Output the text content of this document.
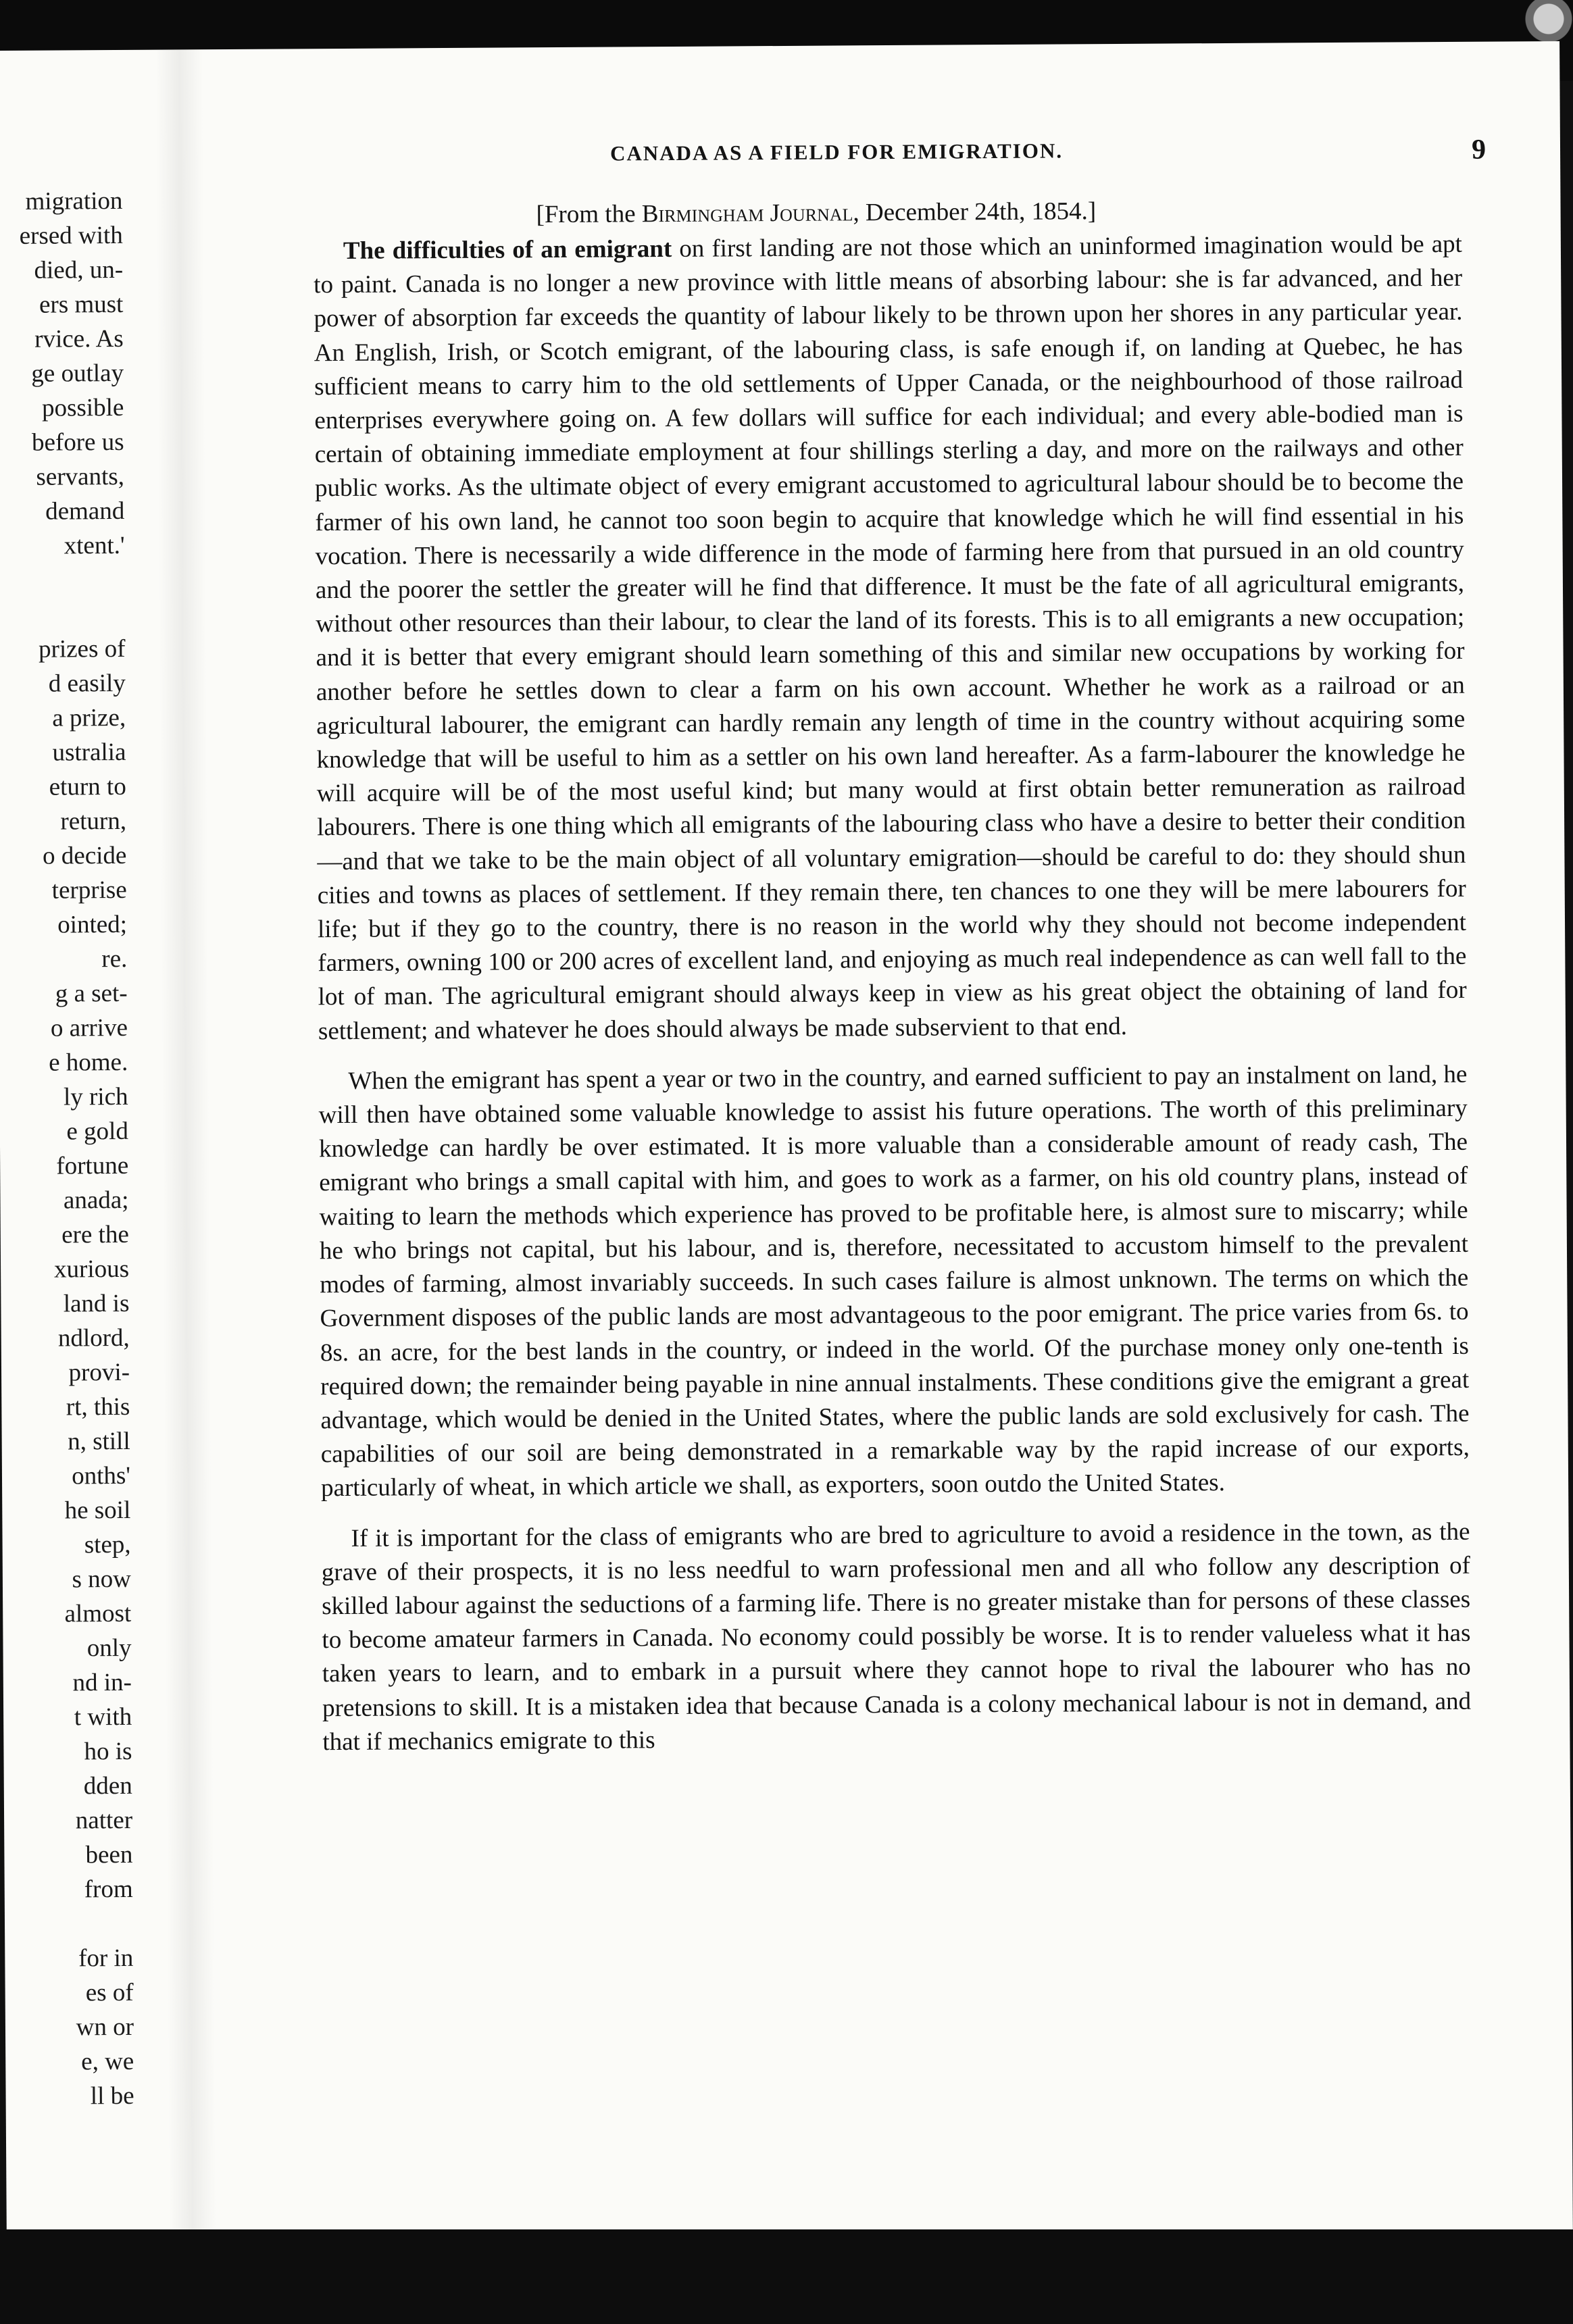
migration
ersed with
died, un-
ers must
rvice. As
ge outlay
possible
before us
servants,
demand
xtent.'
prizes of
d easily
a prize,
ustralia
eturn to
return,
o decide
terprise
ointed;
re.
g a set-
o arrive
e home.
ly rich
e gold
fortune
anada;
ere the
xurious
land is
ndlord,
provi-
rt, this
n, still
onths'
he soil
step,
s now
almost
only
nd in-
t with
ho is
dden
natter
been
from
for in
es of
wn or
e, we
ll be
CANADA AS A FIELD FOR EMIGRATION.	9
[From the Birmingham Journal, December 24th, 1854.]

The difficulties of an emigrant on first landing are not those which an uninformed imagination would be apt to paint. Canada is no longer a new province with little means of absorbing labour: she is far advanced, and her power of absorption far exceeds the quantity of labour likely to be thrown upon her shores in any particular year. An English, Irish, or Scotch emigrant, of the labouring class, is safe enough if, on landing at Quebec, he has sufficient means to carry him to the old settlements of Upper Canada, or the neighbourhood of those railroad enterprises everywhere going on. A few dollars will suffice for each individual; and every able-bodied man is certain of obtaining immediate employment at four shillings sterling a day, and more on the railways and other public works. As the ultimate object of every emigrant accustomed to agricultural labour should be to become the farmer of his own land, he cannot too soon begin to acquire that knowledge which he will find essential in his vocation. There is necessarily a wide difference in the mode of farming here from that pursued in an old country and the poorer the settler the greater will he find that difference. It must be the fate of all agricultural emigrants, without other resources than their labour, to clear the land of its forests. This is to all emigrants a new occupation; and it is better that every emigrant should learn something of this and similar new occupations by working for another before he settles down to clear a farm on his own account. Whether he work as a railroad or an agricultural labourer, the emigrant can hardly remain any length of time in the country without acquiring some knowledge that will be useful to him as a settler on his own land hereafter. As a farm-labourer the knowledge he will acquire will be of the most useful kind; but many would at first obtain better remuneration as railroad labourers. There is one thing which all emigrants of the labouring class who have a desire to better their condition—and that we take to be the main object of all voluntary emigration—should be careful to do: they should shun cities and towns as places of settlement. If they remain there, ten chances to one they will be mere labourers for life; but if they go to the country, there is no reason in the world why they should not become independent farmers, owning 100 or 200 acres of excellent land, and enjoying as much real independence as can well fall to the lot of man. The agricultural emigrant should always keep in view as his great object the obtaining of land for settlement; and whatever he does should always be made subservient to that end.

When the emigrant has spent a year or two in the country, and earned sufficient to pay an instalment on land, he will then have obtained some valuable knowledge to assist his future operations. The worth of this preliminary knowledge can hardly be over estimated. It is more valuable than a considerable amount of ready cash, The emigrant who brings a small capital with him, and goes to work as a farmer, on his old country plans, instead of waiting to learn the methods which experience has proved to be profitable here, is almost sure to miscarry; while he who brings not capital, but his labour, and is, therefore, necessitated to accustom himself to the prevalent modes of farming, almost invariably succeeds. In such cases failure is almost unknown. The terms on which the Government disposes of the public lands are most advantageous to the poor emigrant. The price varies from 6s. to 8s. an acre, for the best lands in the country, or indeed in the world. Of the purchase money only one-tenth is required down; the remainder being payable in nine annual instalments. These conditions give the emigrant a great advantage, which would be denied in the United States, where the public lands are sold exclusively for cash. The capabilities of our soil are being demonstrated in a remarkable way by the rapid increase of our exports, particularly of wheat, in which article we shall, as exporters, soon outdo the United States.

If it is important for the class of emigrants who are bred to agriculture to avoid a residence in the town, as the grave of their prospects, it is no less needful to warn professional men and all who follow any description of skilled labour against the seductions of a farming life. There is no greater mistake than for persons of these classes to become amateur farmers in Canada. No economy could possibly be worse. It is to render valueless what it has taken years to learn, and to embark in a pursuit where they cannot hope to rival the labourer who has no pretensions to skill. It is a mistaken idea that because Canada is a colony mechanical labour is not in demand, and that if mechanics emigrate to this
